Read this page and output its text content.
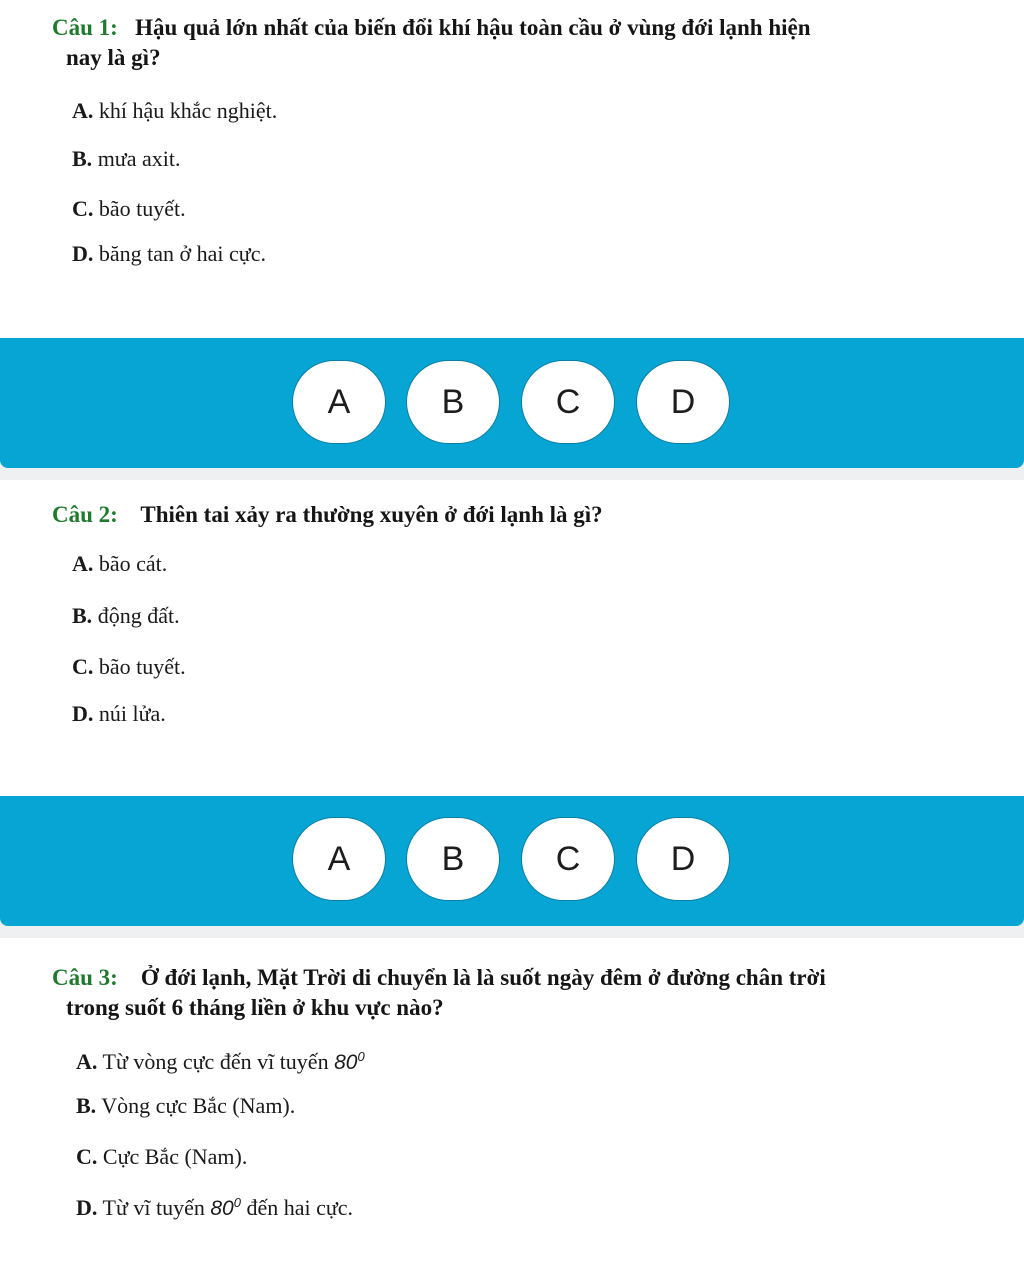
Câu 1: Hậu quả lớn nhất của biến đổi khí hậu toàn cầu ở vùng đới lạnh hiện
nay là gì?
A. khí hậu khắc nghiệt.
B. mưa axit.
C. bão tuyết.
D. băng tan ở hai cực.
A	B	C	D
Câu 2: Thiên tai xảy ra thường xuyên ở đới lạnh là gì?
A. bão cát.
B. động đất.
C. bão tuyết.
D. núi lửa.
A	B	C	D
Câu 3: Ở đới lạnh, Mặt Trời di chuyển là là suốt ngày đêm ở đường chân trời
trong suốt 6 tháng liền ở khu vực nào?
A. Từ vòng cực đến vĩ tuyến $80^0$
B. Vòng cực Bắc (Nam).
C. Cực Bắc (Nam).
D. Từ vĩ tuyến $80^0$ đến hai cực.
